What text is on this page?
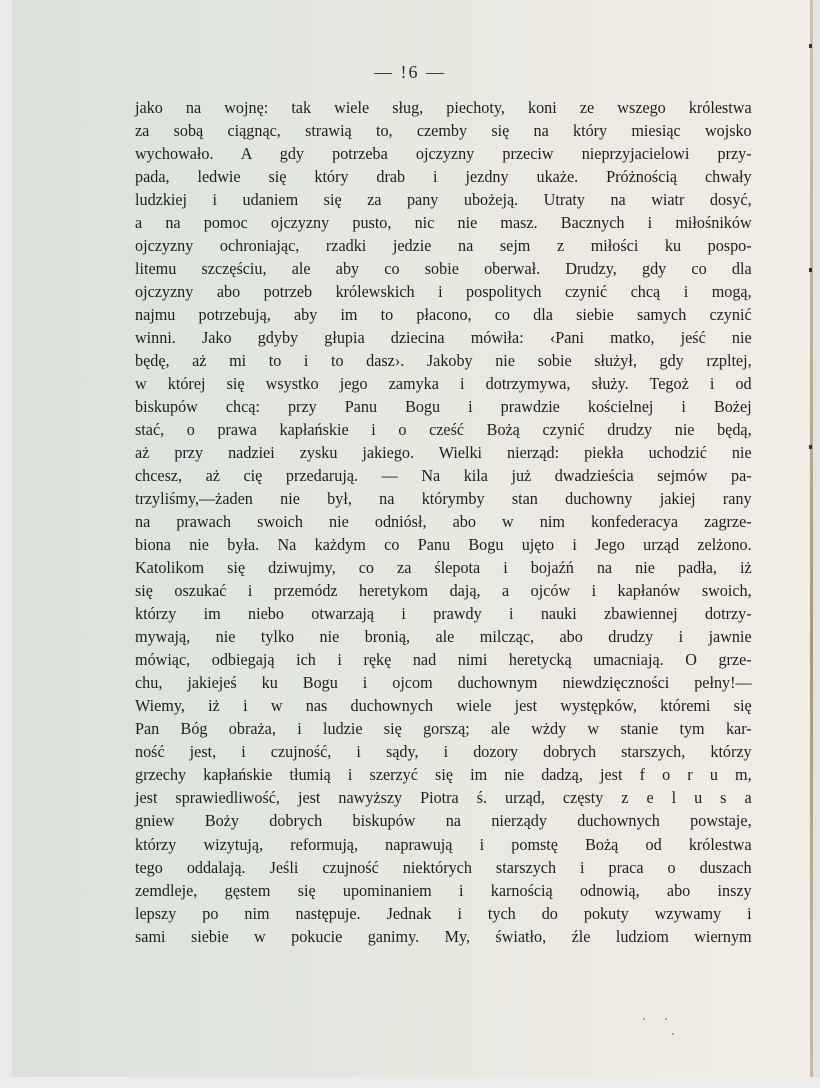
— !6 —
jako na wojnę: tak wiele sług, piechoty, koni ze wszego królestwa
za sobą ciągnąc, strawią to, czemby się na który miesiąc wojsko
wychowało. A gdy potrzeba ojczyzny przeciw nieprzyjacielowi przy-
pada, ledwie się który drab i jezdny ukaże. Próżnością chwały
ludzkiej i udaniem się za pany ubożeją. Utraty na wiatr dosyć,
a na pomoc ojczyzny pusto, nic nie masz. Bacznych i miłośników
ojczyzny ochroniając, rzadki jedzie na sejm z miłości ku pospo-
litemu szczęściu, ale aby co sobie oberwał. Drudzy, gdy co dla
ojczyzny abo potrzeb królewskich i pospolitych czynić chcą i mogą,
najmu potrzebują, aby im to płacono, co dla siebie samych czynić
winni. Jako gdyby głupia dziecina mówiła: ‹Pani matko, jeść nie
będę, aż mi to i to dasz›. Jakoby nie sobie służył, gdy rzpltej,
w której się wsystko jego zamyka i dotrzymywa, służy. Tegoż i od
biskupów chcą: przy Panu Bogu i prawdzie kościelnej i Bożej
stać, o prawa kapłańskie i o cześć Bożą czynić drudzy nie będą,
aż przy nadziei zysku jakiego. Wielki nierząd: piekła uchodzić nie
chcesz, aż cię przedarują. — Na kila już dwadzieścia sejmów pa-
trzyliśmy,—żaden nie był, na którymby stan duchowny jakiej rany
na prawach swoich nie odniósł, abo w nim konfederacya zagrze-
biona nie była. Na każdym co Panu Bogu ujęto i Jego urząd zelżono.
Katolikom się dziwujmy, co za ślepota i bojaźń na nie padła, iż
się oszukać i przemódz heretykom dają, a ojców i kapłanów swoich,
którzy im niebo otwarzają i prawdy i nauki zbawiennej dotrzy-
mywają, nie tylko nie bronią, ale milcząc, abo drudzy i jawnie
mówiąc, odbiegają ich i rękę nad nimi heretycką umacniają. O grze-
chu, jakiejeś ku Bogu i ojcom duchownym niewdzięczności pełny!—
Wiemy, iż i w nas duchownych wiele jest występków, któremi się
Pan Bóg obraża, i ludzie się gorszą; ale wżdy w stanie tym kar-
ność jest, i czujność, i sądy, i dozory dobrych starszych, którzy
grzechy kapłańskie tłumią i szerzyć się im nie dadzą, jest f o r u m,
jest sprawiedliwość, jest nawyższy Piotra ś. urząd, częsty z e l u s a
gniew Boży dobrych biskupów na nierządy duchownych powstaje,
którzy wizytują, reformują, naprawują i pomstę Bożą od królestwa
tego oddalają. Jeśli czujność niektórych starszych i praca o duszach
zemdleje, gęstem się upominaniem i karnością odnowią, abo inszy
lepszy po nim następuje. Jednak i tych do pokuty wzywamy i
sami siebie w pokucie ganimy. My, światło, źle ludziom wiernym
